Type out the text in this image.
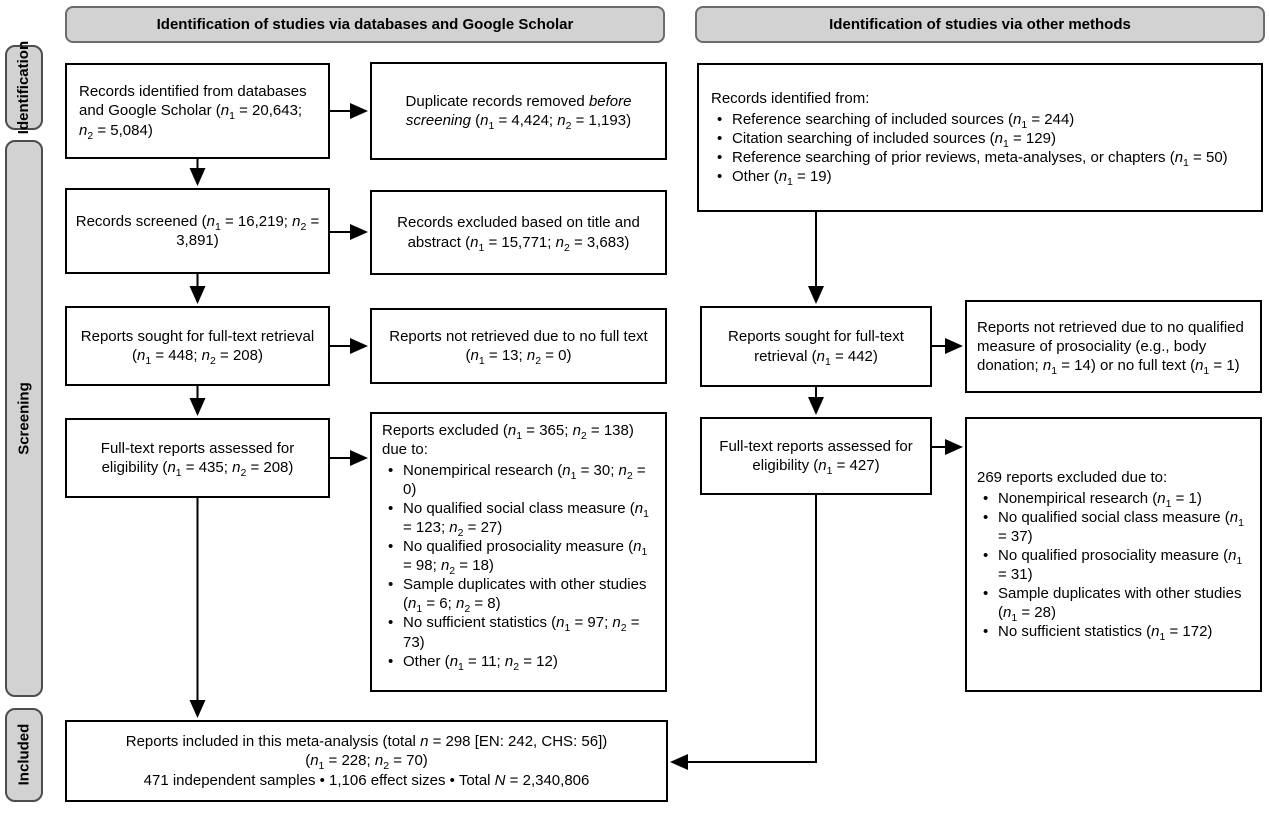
Identification of studies via databases and Google Scholar	Identification of studies via other methods
Identification
Screening
Included
Records identified from databases and Google Scholar ($n_1 = 20,643$; $n_2 = 5,084$)
Records screened ($n_1 = 16,219$; $n_2 = 3,891$)
Reports sought for full-text retrieval ($n_1 = 448$; $n_2 = 208$)
Full-text reports assessed for eligibility ($n_1 = 435$; $n_2 = 208$)
Duplicate records removed before screening ($n_1 = 4,424$; $n_2 = 1,193$)
Records excluded based on title and abstract ($n_1 = 15,771$; $n_2 = 3,683$)
Reports not retrieved due to no full text ($n_1 = 13$; $n_2 = 0$)
Reports excluded ($n_1 = 365$; $n_2 = 138$) due to:
• Nonempirical research ($n_1 = 30$; $n_2 = 0$)
• No qualified social class measure ($n_1 = 123$; $n_2 = 27$)
• No qualified prosociality measure ($n_1 = 98$; $n_2 = 18$)
• Sample duplicates with other studies ($n_1 = 6$; $n_2 = 8$)
• No sufficient statistics ($n_1 = 97$; $n_2 = 73$)
• Other ($n_1 = 11$; $n_2 = 12$)
Records identified from:
• Reference searching of included sources $(n_1 = 244)$
• Citation searching of included sources $(n_1 = 129)$
• Reference searching of prior reviews, meta-analyses, or chapters $(n_1 = 50)$
• Other $(n_1 = 19)$
Reports sought for full-text retrieval $(n_1 = 442)$
Full-text reports assessed for eligibility $(n_1 = 427)$
Reports not retrieved due to no qualified measure of prosociality (e.g., body donation; $n_1 = 14$) or no full text $(n_1 = 1)$
269 reports excluded due to:
• Nonempirical research $(n_1 = 1)$
• No qualified social class measure $(n_1 = 37)$
• No qualified prosociality measure $(n_1 = 31)$
• Sample duplicates with other studies $(n_1 = 28)$
• No sufficient statistics $(n_1 = 172)$
Reports included in this meta-analysis (total n = 298 [EN: 242, CHS: 56])
($n_1 = 228$; $n_2 = 70$)
471 independent samples • 1,106 effect sizes • Total N = 2,340,806
